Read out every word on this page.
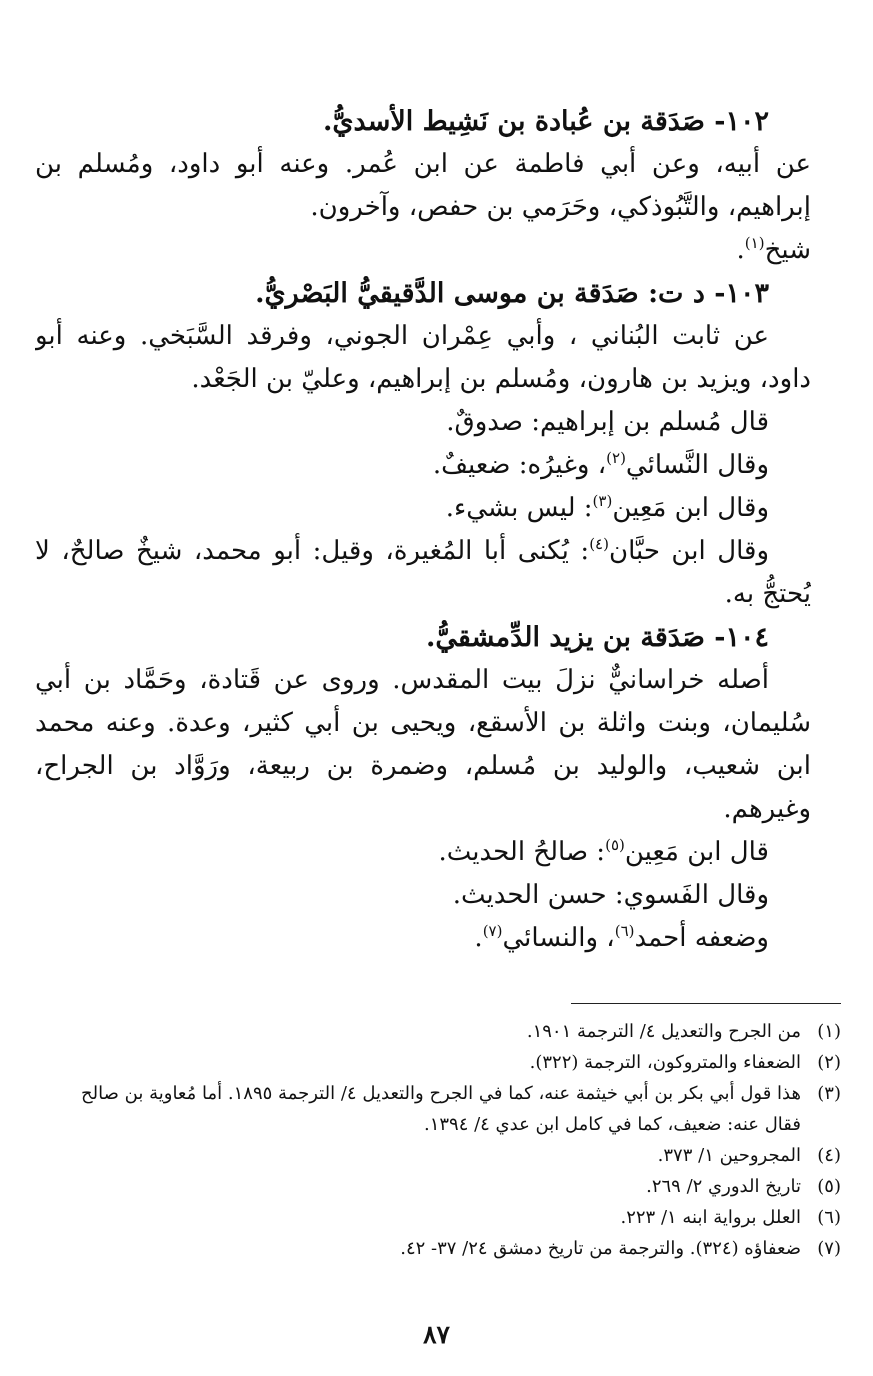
١٠٢- صَدَقة بن عُبادة بن نَشِيط الأسديُّ.
عن أبيه، وعن أبي فاطمة عن ابن عُمر. وعنه أبو داود، ومُسلم بن
إبراهيم، والتَّبُوذكي، وحَرَمي بن حفص، وآخرون.
شيخ$^{(١)}$.
١٠٣- د ت: صَدَقة بن موسى الدَّقيقيُّ البَصْريُّ.
عن ثابت البُناني ، وأبي عِمْران الجوني، وفرقد السَّبَخي. وعنه أبو
داود، ويزيد بن هارون، ومُسلم بن إبراهيم، وعليّ بن الجَعْد.
قال مُسلم بن إبراهيم: صدوقٌ.
وقال النَّسائي$^{(٢)}$، وغيرُه: ضعيفٌ.
وقال ابن مَعِين$^{(٣)}$: ليس بشيء.
وقال ابن حبَّان$^{(٤)}$: يُكنى أبا المُغيرة، وقيل: أبو محمد، شيخٌ صالحٌ، لا
يُحتجُّ به.
١٠٤- صَدَقة بن يزيد الدِّمشقيُّ.
أصله خراسانيٌّ نزلَ بيت المقدس. وروى عن قَتادة، وحَمَّاد بن أبي
سُليمان، وبنت واثلة بن الأسقع، ويحيى بن أبي كثير، وعدة. وعنه محمد
ابن شعيب، والوليد بن مُسلم، وضمرة بن ربيعة، ورَوَّاد بن الجراح،
وغيرهم.
قال ابن مَعِين$^{(٥)}$: صالحُ الحديث.
وقال الفَسوي: حسن الحديث.
وضعفه أحمد$^{(٦)}$، والنسائي$^{(٧)}$.
(١)
من الجرح والتعديل ٤/ الترجمة ١٩٠١.
(٢)
الضعفاء والمتروكون، الترجمة (٣٢٢).
(٣)
هذا قول أبي بكر بن أبي خيثمة عنه، كما في الجرح والتعديل ٤/ الترجمة ١٨٩٥. أما مُعاوية بن صالح فقال عنه: ضعيف، كما في كامل ابن عدي ٤/ ١٣٩٤.
(٤)
المجروحين ١/ ٣٧٣.
(٥)
تاريخ الدوري ٢/ ٢٦٩.
(٦)
العلل برواية ابنه ١/ ٢٢٣.
(٧)
ضعفاؤه (٣٢٤). والترجمة من تاريخ دمشق ٢٤/ ٣٧- ٤٢.
٨٧
